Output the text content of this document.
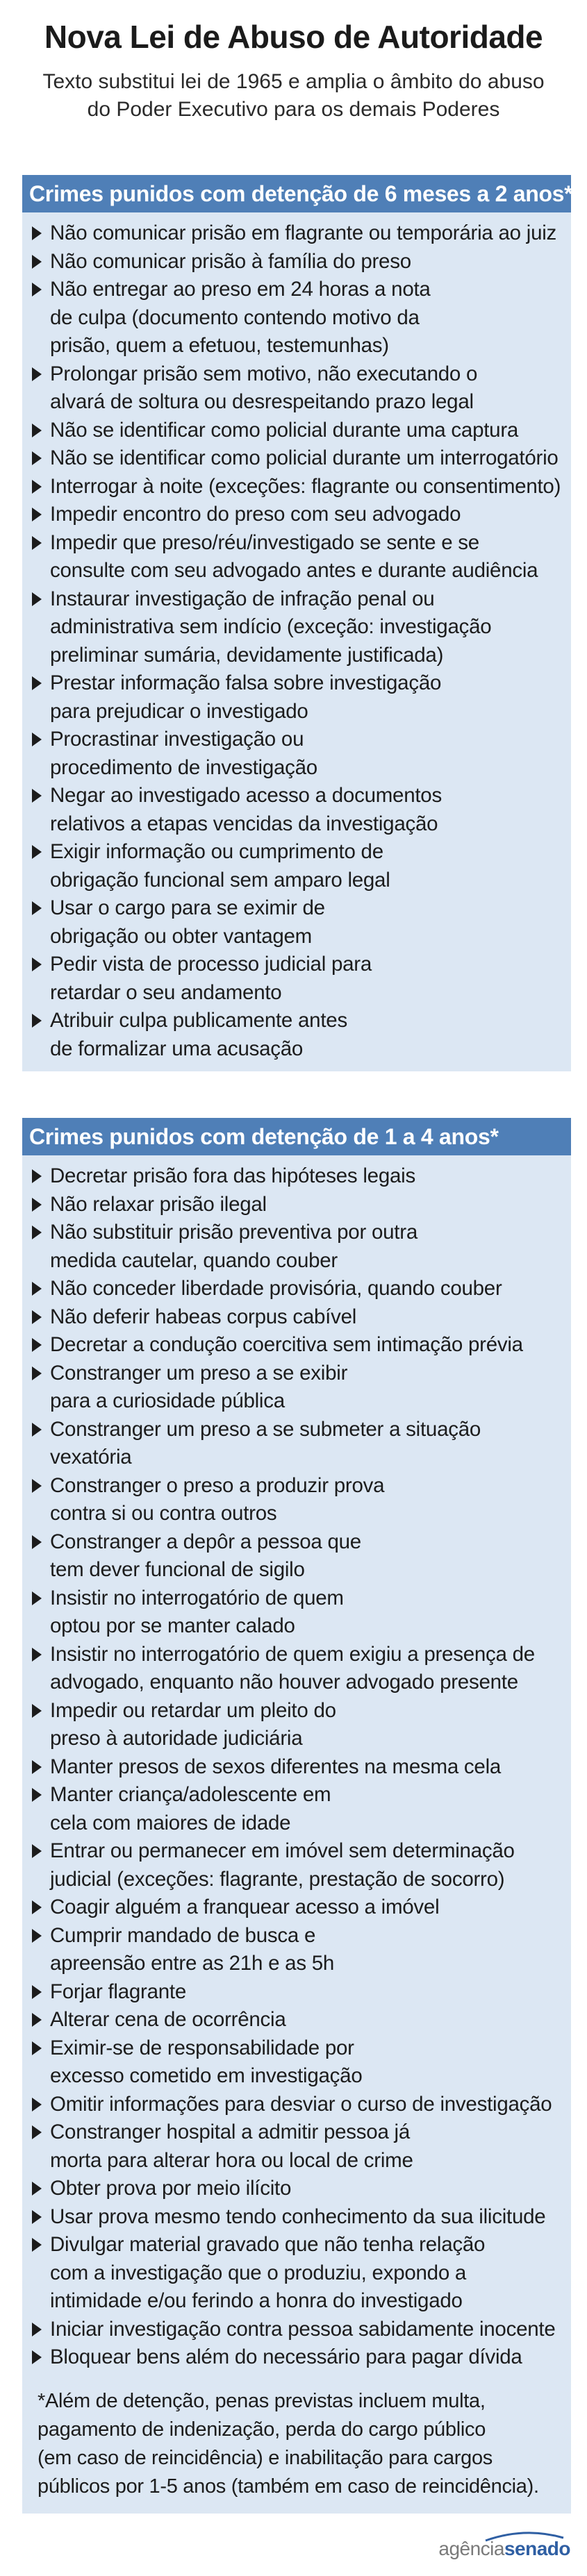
Nova Lei de Abuso de Autoridade
Texto substitui lei de 1965 e amplia o âmbito do abuso
do Poder Executivo para os demais Poderes
Crimes punidos com detenção de 6 meses a 2 anos*
Não comunicar prisão em flagrante ou temporária ao juiz
Não comunicar prisão à família do preso
Não entregar ao preso em 24 horas a nota
de culpa (documento contendo motivo da
prisão, quem a efetuou, testemunhas)
Prolongar prisão sem motivo, não executando o
alvará de soltura ou desrespeitando prazo legal
Não se identificar como policial durante uma captura
Não se identificar como policial durante um interrogatório
Interrogar à noite (exceções: flagrante ou consentimento)
Impedir encontro do preso com seu advogado
Impedir que preso/réu/investigado se sente e se
consulte com seu advogado antes e durante audiência
Instaurar investigação de infração penal ou
administrativa sem indício (exceção: investigação
preliminar sumária, devidamente justificada)
Prestar informação falsa sobre investigação
para prejudicar o investigado
Procrastinar investigação ou
procedimento de investigação
Negar ao investigado acesso a documentos
relativos a etapas vencidas da investigação
Exigir informação ou cumprimento de
obrigação funcional sem amparo legal
Usar o cargo para se eximir de
obrigação ou obter vantagem
Pedir vista de processo judicial para
retardar o seu andamento
Atribuir culpa publicamente antes
de formalizar uma acusação
Crimes punidos com detenção de 1 a 4 anos*
Decretar prisão fora das hipóteses legais
Não relaxar prisão ilegal
Não substituir prisão preventiva por outra
medida cautelar, quando couber
Não conceder liberdade provisória, quando couber
Não deferir habeas corpus cabível
Decretar a condução coercitiva sem intimação prévia
Constranger um preso a se exibir
para a curiosidade pública
Constranger um preso a se submeter a situação vexatória
Constranger o preso a produzir prova
contra si ou contra outros
Constranger a depôr a pessoa que
tem dever funcional de sigilo
Insistir no interrogatório de quem
optou por se manter calado
Insistir no interrogatório de quem exigiu a presença de
advogado, enquanto não houver advogado presente
Impedir ou retardar um pleito do
preso à autoridade judiciária
Manter presos de sexos diferentes na mesma cela
Manter criança/adolescente em
cela com maiores de idade
Entrar ou permanecer em imóvel sem determinação
judicial (exceções: flagrante, prestação de socorro)
Coagir alguém a franquear acesso a imóvel
Cumprir mandado de busca e
apreensão entre as 21h e as 5h
Forjar flagrante
Alterar cena de ocorrência
Eximir-se de responsabilidade por
excesso cometido em investigação
Omitir informações para desviar o curso de investigação
Constranger hospital a admitir pessoa já
morta para alterar hora ou local de crime
Obter prova por meio ilícito
Usar prova mesmo tendo conhecimento da sua ilicitude
Divulgar material gravado que não tenha relação
com a investigação que o produziu, expondo a
intimidade e/ou ferindo a honra do investigado
Iniciar investigação contra pessoa sabidamente inocente
Bloquear bens além do necessário para pagar dívida
*Além de detenção, penas previstas incluem multa,
pagamento de indenização, perda do cargo público
(em caso de reincidência) e inabilitação para cargos
públicos por 1-5 anos (também em caso de reincidência).
agênciasenado
